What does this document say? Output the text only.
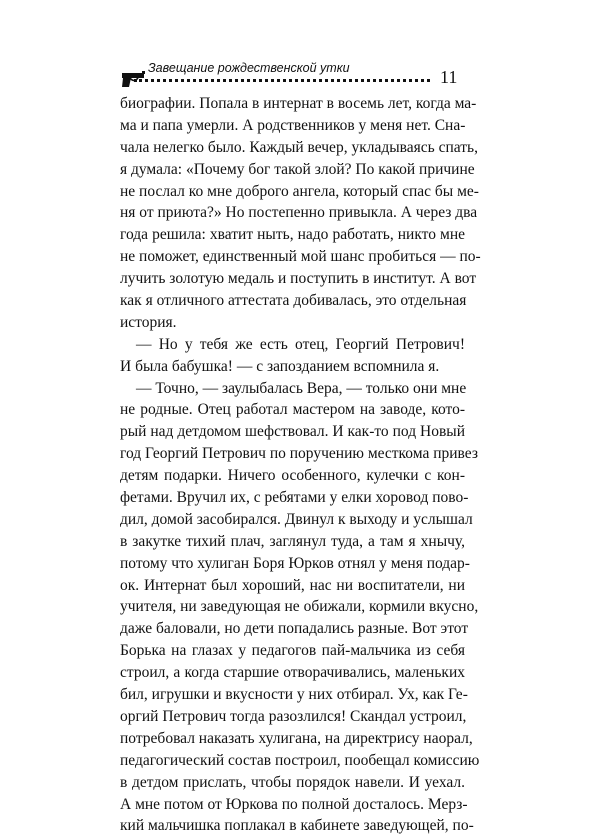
Завещание рождественской утки	11

биографии. Попала в интернат в восемь лет, когда ма-
ма и папа умерли. А родственников у меня нет. Сна-
чала нелегко было. Каждый вечер, укладываясь спать,
я думала: «Почему бог такой злой? По какой причине
не послал ко мне доброго ангела, который спас бы ме-
ня от приюта?» Но постепенно привыкла. А через два
года решила: хватит ныть, надо работать, никто мне
не поможет, единственный мой шанс пробиться — по-
лучить золотую медаль и поступить в институт. А вот
как я отличного аттестата добивалась, это отдельная
история.

— Но у тебя же есть отец, Георгий Петрович!
И была бабушка! — с запозданием вспомнила я.

— Точно, — заулыбалась Вера, — только они мне
не родные. Отец работал мастером на заводе, кото-
рый над детдомом шефствовал. И как-то под Новый
год Георгий Петрович по поручению месткома привез
детям подарки. Ничего особенного, кулечки с кон-
фетами. Вручил их, с ребятами у елки хоровод пово-
дил, домой засобирался. Двинул к выходу и услышал
в закутке тихий плач, заглянул туда, а там я хнычу,
потому что хулиган Боря Юрков отнял у меня подар-
ок. Интернат был хороший, нас ни воспитатели, ни
учителя, ни заведующая не обижали, кормили вкусно,
даже баловали, но дети попадались разные. Вот этот
Борька на глазах у педагогов пай-мальчика из себя
строил, а когда старшие отворачивались, маленьких
бил, игрушки и вкусности у них отбирал. Ух, как Ге-
оргий Петрович тогда разозлился! Скандал устроил,
потребовал наказать хулигана, на директрису наорал,
педагогический состав построил, пообещал комиссию
в детдом прислать, чтобы порядок навели. И уехал.
А мне потом от Юркова по полной досталось. Мерз-
кий мальчишка поплакал в кабинете заведующей, по-
